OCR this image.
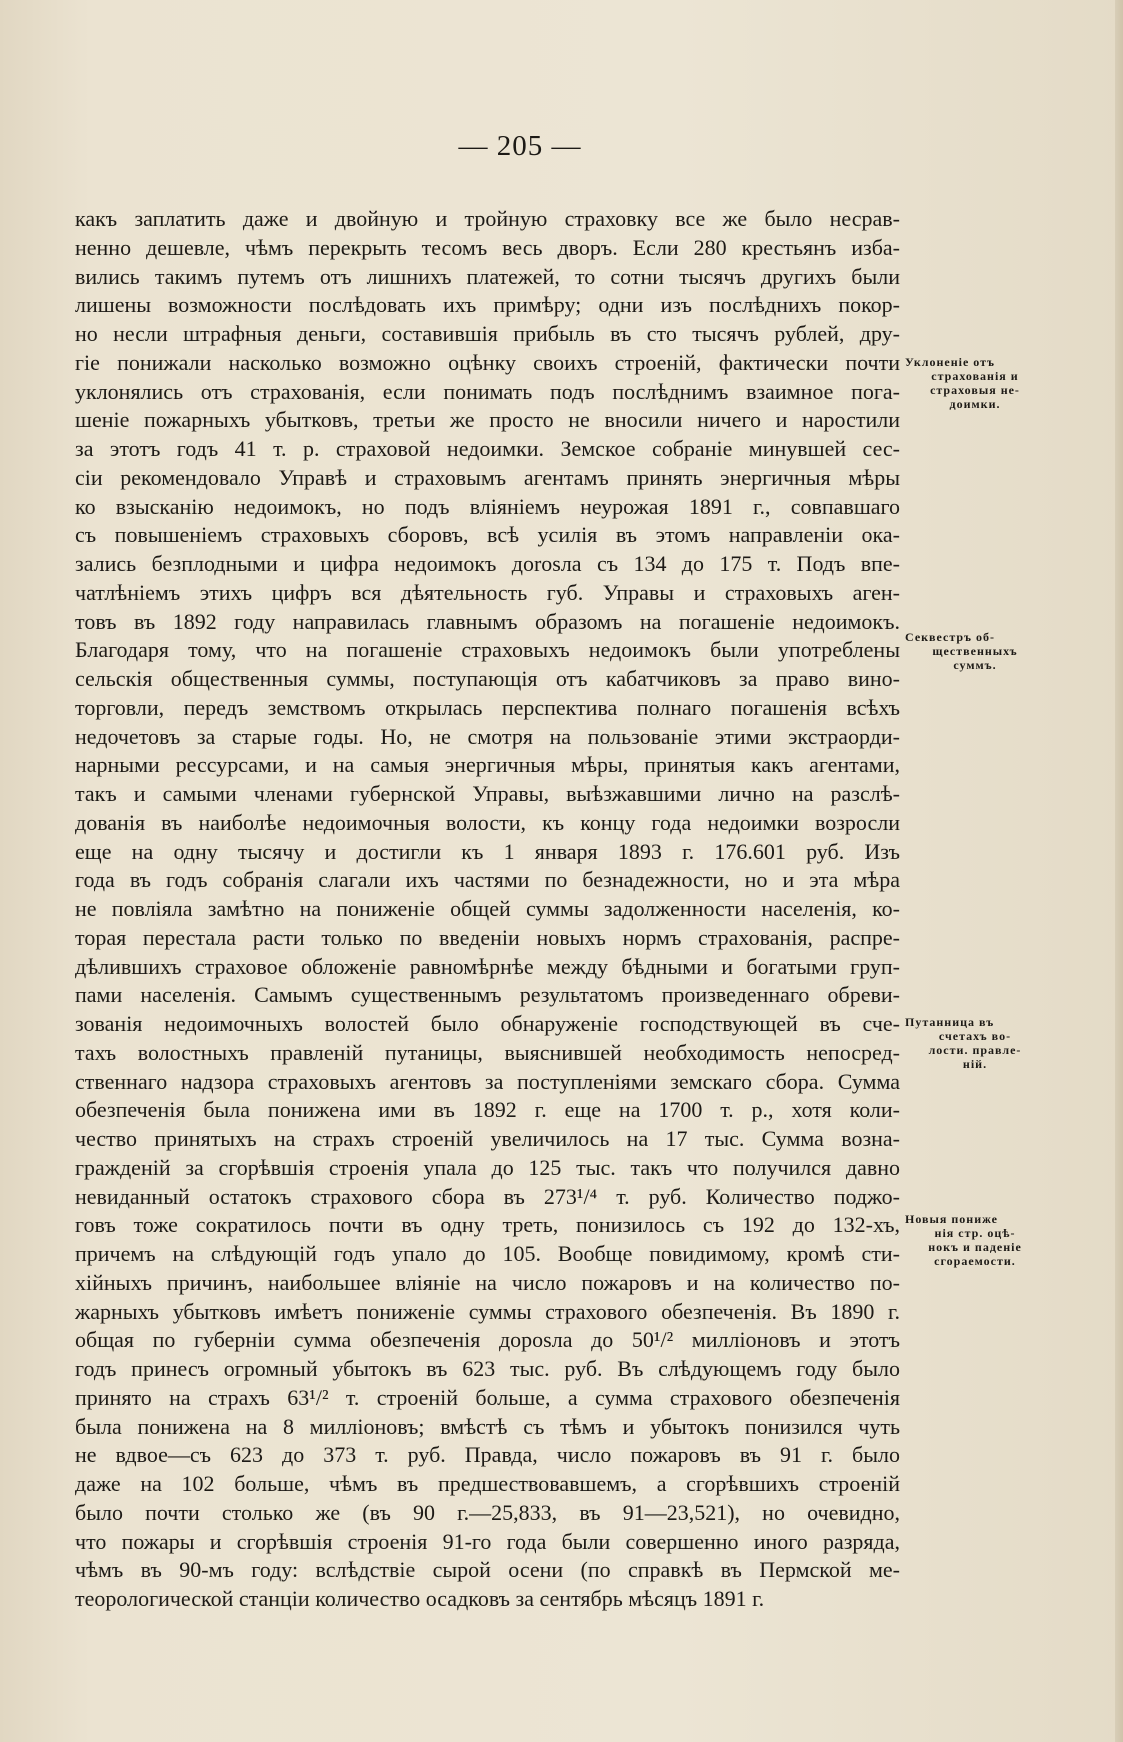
— 205 —
какъ заплатить даже и двойную и тройную страховку все же было несрав-
ненно дешевле, чѣмъ перекрыть тесомъ весь дворъ. Если 280 крестьянъ изба-
вились такимъ путемъ отъ лишнихъ платежей, то сотни тысячъ другихъ были
лишены возможности послѣдовать ихъ примѣру; одни изъ послѣднихъ покор-
но несли штрафныя деньги, составившія прибыль въ сто тысячъ рублей, дру-
гіе понижали насколько возможно оцѣнку своихъ строеній, фактически почти
уклонялись отъ страхованія, если понимать подъ послѣднимъ взаимное пога-
шеніе пожарныхъ убытковъ, третьи же просто не вносили ничего и наростили
за этотъ годъ 41 т. р. страховой недоимки. Земское собраніе минувшей сес-
сіи рекомендовало Управѣ и страховымъ агентамъ принять энергичныя мѣры
ко взысканію недоимокъ, но подъ вліяніемъ неурожая 1891 г., совпавшаго
съ повышеніемъ страховыхъ сборовъ, всѣ усилія въ этомъ направленіи ока-
зались безплодными и цифра недоимокъ дorosла съ 134 до 175 т. Подъ впе-
чатлѣніемъ этихъ цифръ вся дѣятельность губ. Управы и страховыхъ аген-
товъ въ 1892 году направилась главнымъ образомъ на погашеніе недоимокъ.
Благодаря тому, что на погашеніе страховыхъ недоимокъ были употреблены
сельскія общественныя суммы, поступающія отъ кабатчиковъ за право вино-
торговли, передъ земствомъ открылась перспектива полнаго погашенія всѣхъ
недочетовъ за старые годы. Но, не смотря на пользованіе этими экстраорди-
нарными рессурсами, и на самыя энергичныя мѣры, принятыя какъ агентами,
такъ и самыми членами губернской Управы, выѣзжавшими лично на разслѣ-
дованія въ наиболѣе недоимочныя волости, къ концу года недоимки возросли
еще на одну тысячу и достигли къ 1 января 1893 г. 176.601 руб. Изъ
года въ годъ собранія слагали ихъ частями по безнадежности, но и эта мѣра
не повліяла замѣтно на пониженіе общей суммы задолженности населенія, ко-
торая перестала расти только по введеніи новыхъ нормъ страхованія, распре-
дѣлившихъ страховое обложеніе равномѣрнѣе между бѣдными и богатыми груп-
пами населенія. Самымъ существеннымъ результатомъ произведеннаго обреви-
зованія недоимочныхъ волостей было обнаруженіе господствующей въ сче-
тахъ волостныхъ правленій путаницы, выяснившей необходимость непосред-
ственнаго надзора страховыхъ агентовъ за поступленіями земскаго сбора. Сумма
обезпеченія была понижена ими въ 1892 г. еще на 1700 т. р., хотя коли-
чество принятыхъ на страхъ строеній увеличилось на 17 тыс. Сумма возна-
гражденій за сгорѣвшія строенія упала до 125 тыс. такъ что получился давно
невиданный остатокъ страхового сбора въ 273¹/⁴ т. руб. Количество поджо-
говъ тоже сократилось почти въ одну треть, понизилось съ 192 до 132-хъ,
причемъ на слѣдующій годъ упало до 105. Вообще повидимому, кромѣ сти-
хійныхъ причинъ, наибольшее вліяніе на число пожаровъ и на количество по-
жарныхъ убытковъ имѣетъ пониженіе суммы страхового обезпеченія. Въ 1890 г.
общая по губерніи сумма обезпеченія дорosла до 50¹/² милліоновъ и этотъ
годъ принесъ огромный убытокъ въ 623 тыс. руб. Въ слѣдующемъ году было
принято на страхъ 63¹/² т. строеній больше, а сумма страхового обезпеченія
была понижена на 8 милліоновъ; вмѣстѣ съ тѣмъ и убытокъ понизился чуть
не вдвое—съ 623 до 373 т. руб. Правда, число пожаровъ въ 91 г. было
даже на 102 больше, чѣмъ въ предшествовавшемъ, а сгорѣвшихъ строеній
было почти столько же (въ 90 г.—25,833, въ 91—23,521), но очевидно,
что пожары и сгорѣвшія строенія 91-го года были совершенно иного разряда,
чѣмъ въ 90-мъ году: вслѣдствіе сырой осени (по справкѣ въ Пермской ме-
теорологической станціи количество осадковъ за сентябрь мѣсяцъ 1891 г.
Уклоненіе отъ
страхованія и
страховыя не-
доимки.
Секвестръ об-
щественныхъ
суммъ.
Путанница въ
счетахъ во-
лости. правле-
ній.
Новыя пониже
нія стр. оцѣ-
нокъ и паденіе
сгораемости.
